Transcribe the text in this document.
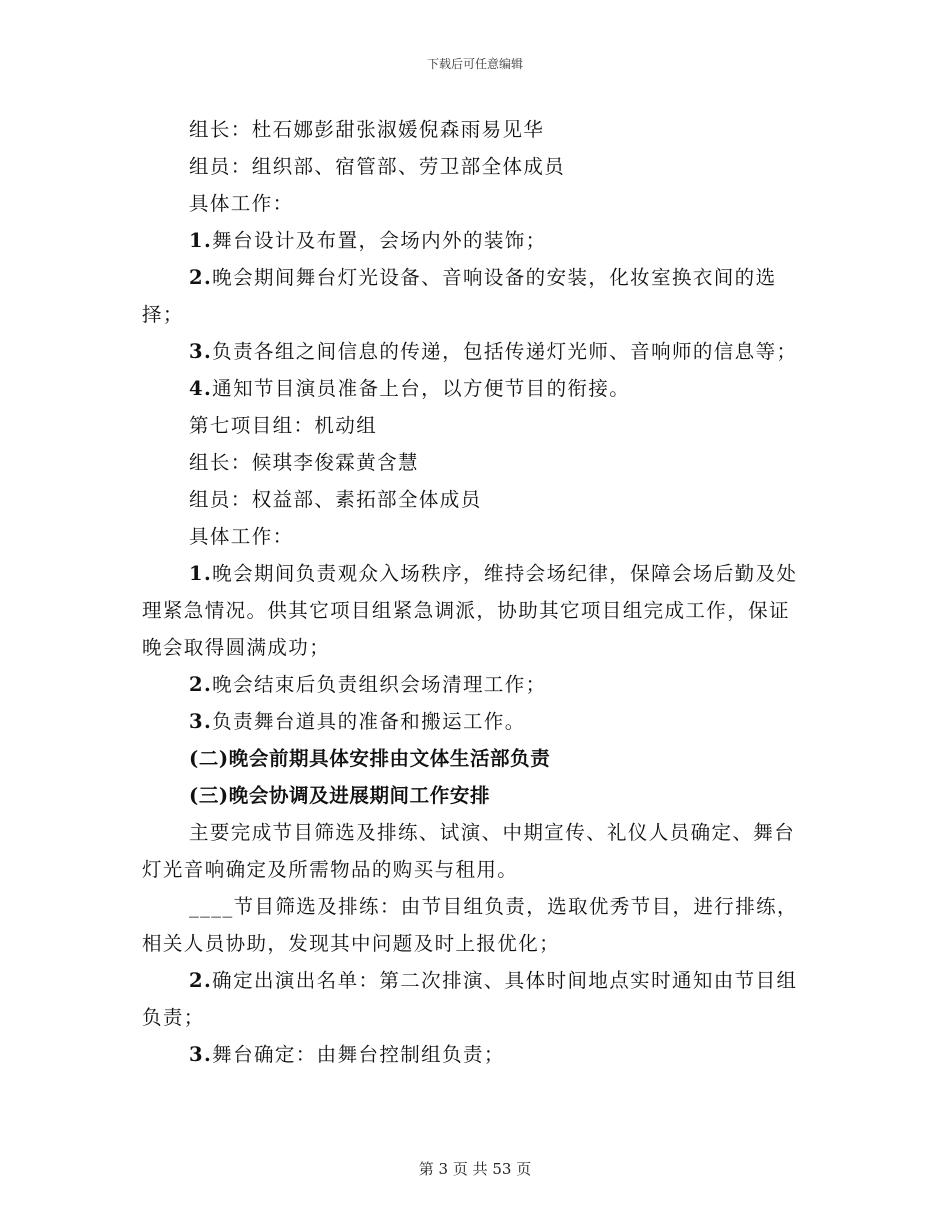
下载后可任意编辑

组长：杜石娜彭甜张淑媛倪森雨易见华

组员：组织部、宿管部、劳卫部全体成员

具体工作：

1.舞台设计及布置，会场内外的装饰；

2.晚会期间舞台灯光设备、音响设备的安装，化妆室换衣间的选择；

3.负责各组之间信息的传递，包括传递灯光师、音响师的信息等；

4.通知节目演员准备上台，以方便节目的衔接。

第七项目组：机动组

组长：候琪李俊霖黄含慧

组员：权益部、素拓部全体成员

具体工作：

1.晚会期间负责观众入场秩序，维持会场纪律，保障会场后勤及处理紧急情况。供其它项目组紧急调派，协助其它项目组完成工作，保证晚会取得圆满成功；

2.晚会结束后负责组织会场清理工作；

3.负责舞台道具的准备和搬运工作。

(二)晚会前期具体安排由文体生活部负责

(三)晚会协调及进展期间工作安排

主要完成节目筛选及排练、试演、中期宣传、礼仪人员确定、舞台灯光音响确定及所需物品的购买与租用。

____节目筛选及排练：由节目组负责，选取优秀节目，进行排练，相关人员协助，发现其中问题及时上报优化；

2.确定出演出名单：第二次排演、具体时间地点实时通知由节目组负责；

3.舞台确定：由舞台控制组负责；

第 3 页 共 53 页
